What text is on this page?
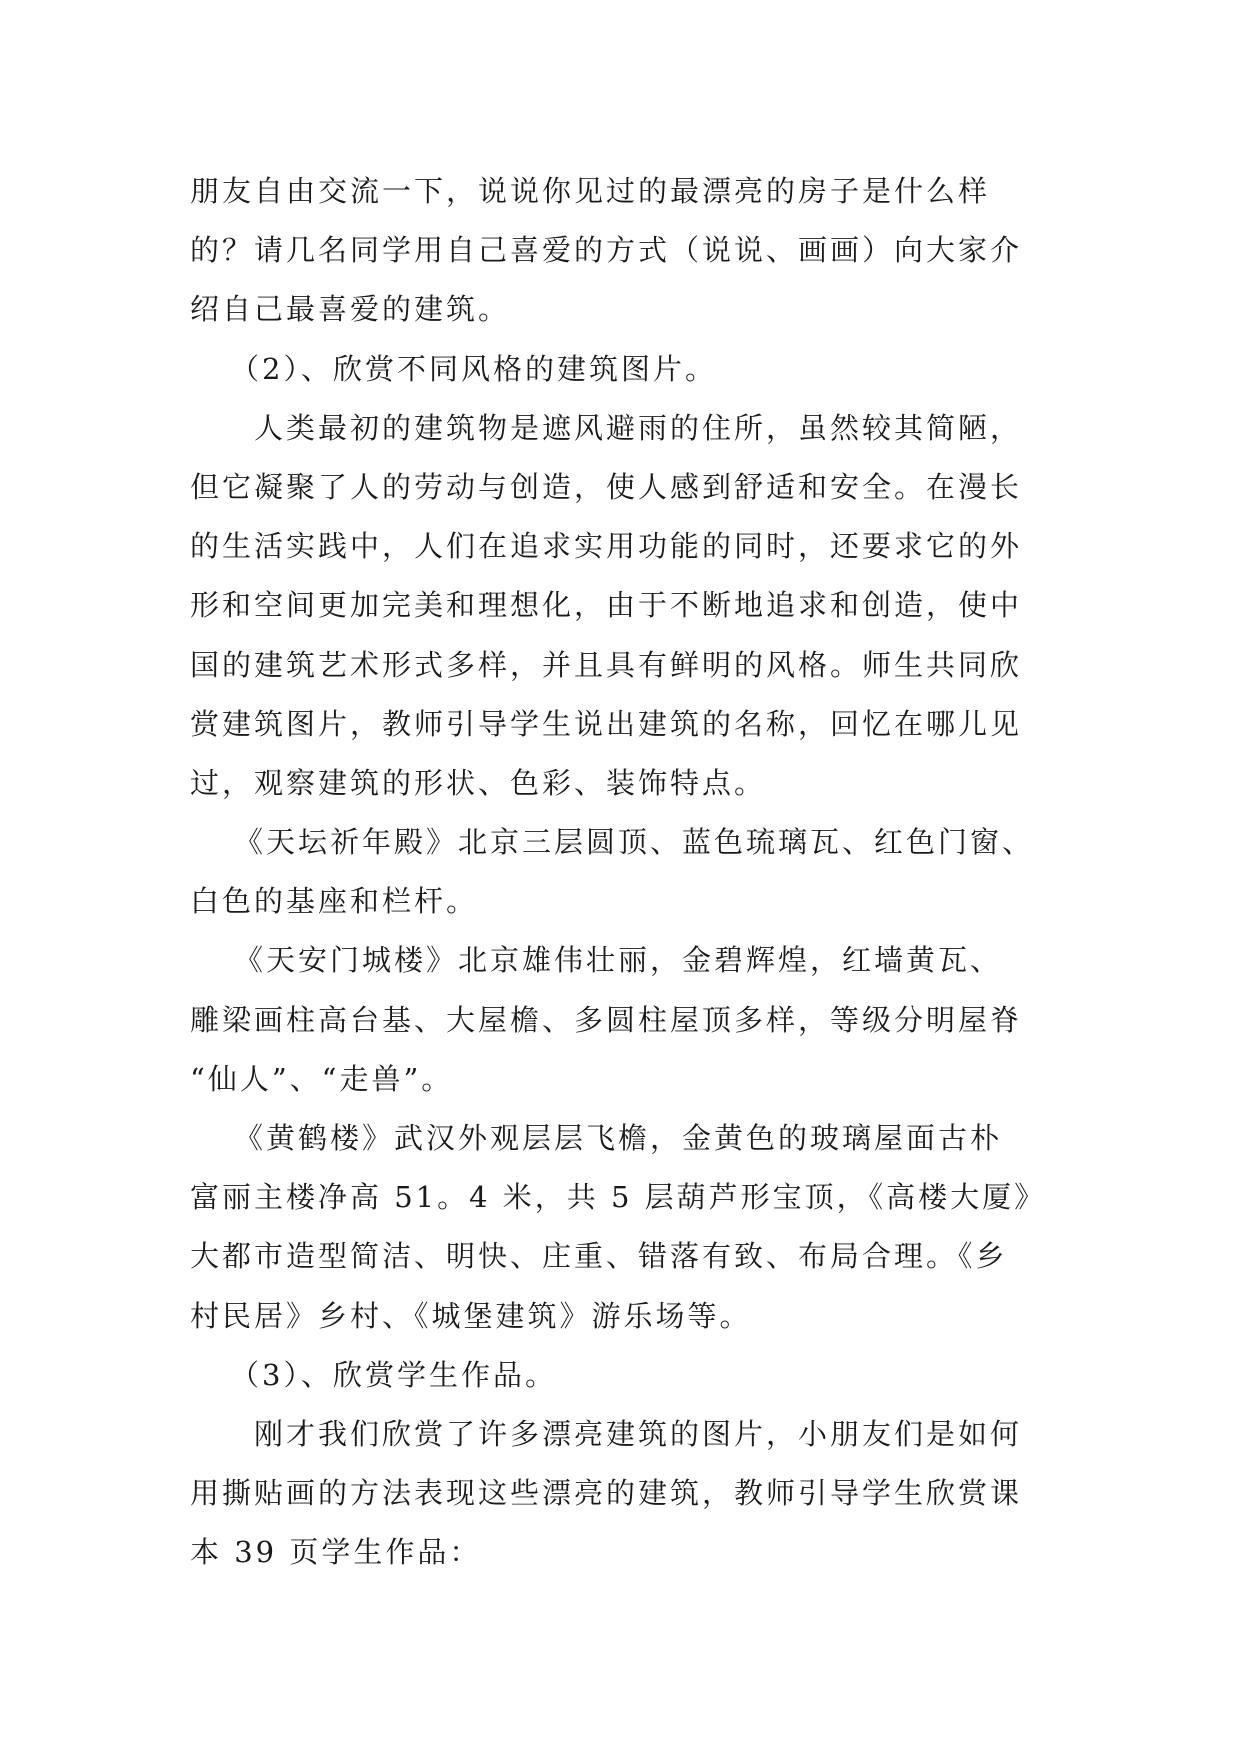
朋友自由交流一下，说说你见过的最漂亮的房子是什么样
的？请几名同学用自己喜爱的方式（说说、画画）向大家介
绍自己最喜爱的建筑。
（2）、欣赏不同风格的建筑图片。
人类最初的建筑物是遮风避雨的住所，虽然较其简陋，
但它凝聚了人的劳动与创造，使人感到舒适和安全。在漫长
的生活实践中，人们在追求实用功能的同时，还要求它的外
形和空间更加完美和理想化，由于不断地追求和创造，使中
国的建筑艺术形式多样，并且具有鲜明的风格。师生共同欣
赏建筑图片，教师引导学生说出建筑的名称，回忆在哪儿见
过，观察建筑的形状、色彩、装饰特点。
《天坛祈年殿》北京三层圆顶、蓝色琉璃瓦、红色门窗、
白色的基座和栏杆。
《天安门城楼》北京雄伟壮丽，金碧辉煌，红墙黄瓦、
雕梁画柱高台基、大屋檐、多圆柱屋顶多样，等级分明屋脊
“仙人”、“走兽”。
《黄鹤楼》武汉外观层层飞檐，金黄色的玻璃屋面古朴
富丽主楼净高 51。4 米，共 5 层葫芦形宝顶，《高楼大厦》
大都市造型简洁、明快、庄重、错落有致、布局合理。《乡
村民居》乡村、《城堡建筑》游乐场等。
（3）、欣赏学生作品。
刚才我们欣赏了许多漂亮建筑的图片，小朋友们是如何
用撕贴画的方法表现这些漂亮的建筑，教师引导学生欣赏课
本 39 页学生作品：
